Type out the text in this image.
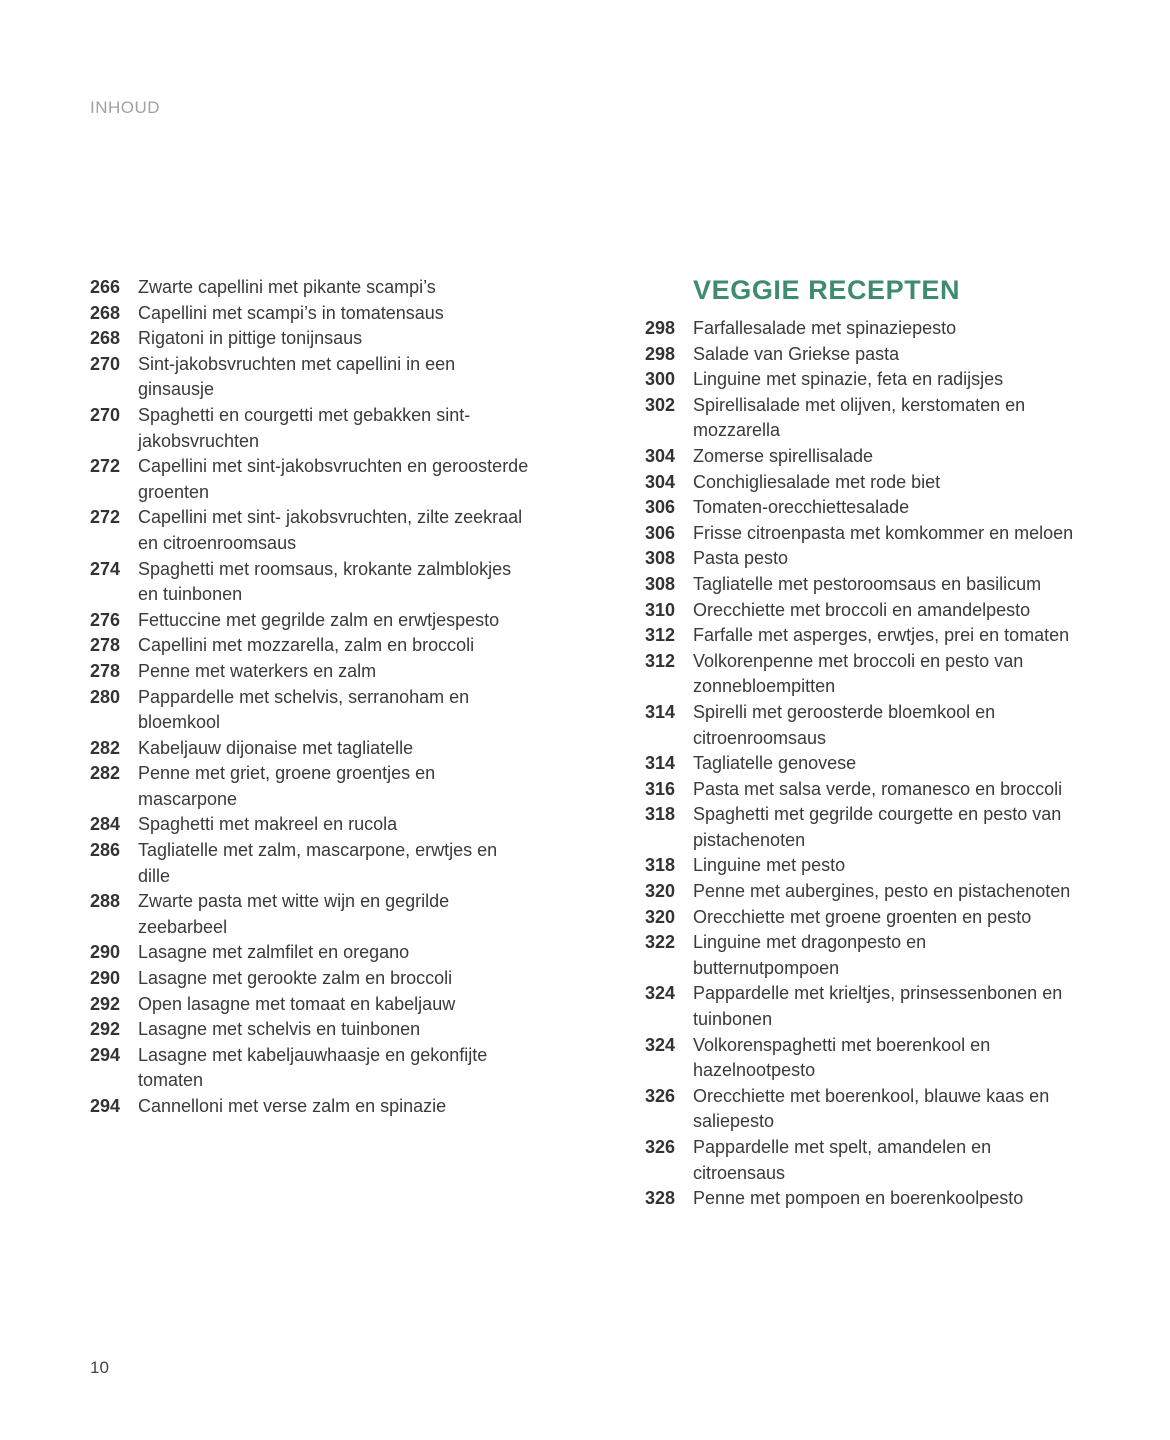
INHOUD
266 Zwarte capellini met pikante scampi’s
268 Capellini met scampi’s in tomatensaus
268 Rigatoni in pittige tonijnsaus
270 Sint-jakobsvruchten met capellini in een ginsausje
270 Spaghetti en courgetti met gebakken sint-jakobsvruchten
272 Capellini met sint-jakobsvruchten en geroosterde groenten
272 Capellini met sint- jakobsvruchten, zilte zeekraal en citroenroomsaus
274 Spaghetti met roomsaus, krokante zalmblokjes en tuinbonen
276 Fettuccine met gegrilde zalm en erwtjespesto
278 Capellini met mozzarella, zalm en broccoli
278 Penne met waterkers en zalm
280 Pappardelle met schelvis, serranoham en bloemkool
282 Kabeljauw dijonaise met tagliatelle
282 Penne met griet, groene groentjes en mascarpone
284 Spaghetti met makreel en rucola
286 Tagliatelle met zalm, mascarpone, erwtjes en dille
288 Zwarte pasta met witte wijn en gegrilde zeebarbeel
290 Lasagne met zalmfilet en oregano
290 Lasagne met gerookte zalm en broccoli
292 Open lasagne met tomaat en kabeljauw
292 Lasagne met schelvis en tuinbonen
294 Lasagne met kabeljauwhaasje en gekonfijte tomaten
294 Cannelloni met verse zalm en spinazie
VEGGIE RECEPTEN
298 Farfallesalade met spinaziepesto
298 Salade van Griekse pasta
300 Linguine met spinazie, feta en radijsjes
302 Spirellisalade met olijven, kerstomaten en mozzarella
304 Zomerse spirellisalade
304 Conchigliesalade met rode biet
306 Tomaten-orecchiettesalade
306 Frisse citroenpasta met komkommer en meloen
308 Pasta pesto
308 Tagliatelle met pestoroomsaus en basilicum
310 Orecchiette met broccoli en amandelpesto
312 Farfalle met asperges, erwtjes, prei en tomaten
312 Volkorenpenne met broccoli en pesto van zonnebloempitten
314 Spirelli met geroosterde bloemkool en citroenroomsaus
314 Tagliatelle genovese
316 Pasta met salsa verde, romanesco en broccoli
318 Spaghetti met gegrilde courgette en pesto van pistachenoten
318 Linguine met pesto
320 Penne met aubergines, pesto en pistachenoten
320 Orecchiette met groene groenten en pesto
322 Linguine met dragonpesto en butternutpompoen
324 Pappardelle met krieltjes, prinsessenbonen en tuinbonen
324 Volkorenspaghetti met boerenkool en hazelnootpesto
326 Orecchiette met boerenkool, blauwe kaas en saliepesto
326 Pappardelle met spelt, amandelen en citroensaus
328 Penne met pompoen en boerenkoolpesto
10
